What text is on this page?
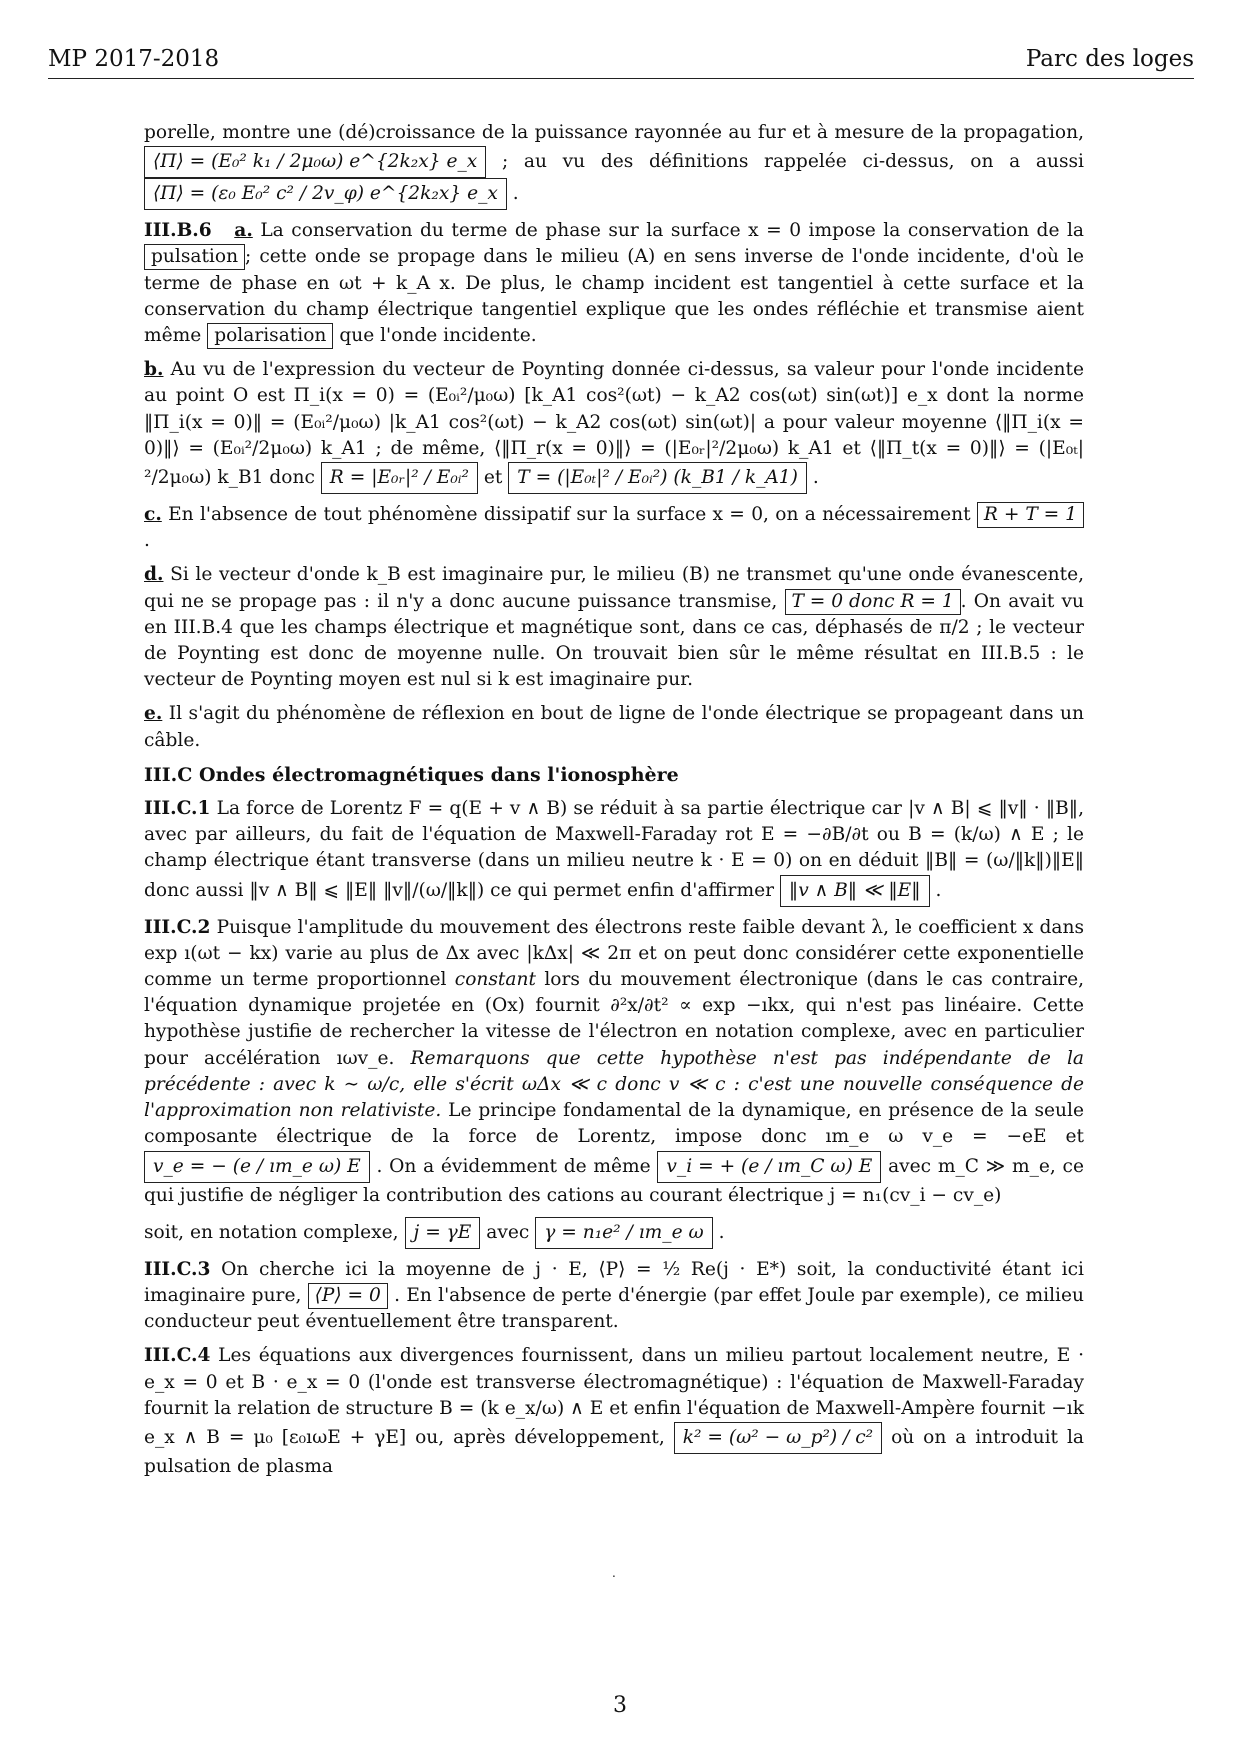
MP 2017-2018	Parc des loges

porelle, montre une (dé)croissance de la puissance rayonnée au fur et à mesure de la propagation, ⟨Π⟩ = (E₀² k₁ / 2μ₀ω) e^{2k₂x} e_x ; au vu des définitions rappelée ci-dessus, on a aussi ⟨Π⟩ = (ε₀ E₀² c² / 2v_φ) e^{2k₂x} e_x .

III.B.6 a. La conservation du terme de phase sur la surface x = 0 impose la conservation de la pulsation ; cette onde se propage dans le milieu (A) en sens inverse de l'onde incidente, d'où le terme de phase en ωt + k_A x. De plus, le champ incident est tangentiel à cette surface et la conservation du champ électrique tangentiel explique que les ondes réfléchie et transmise aient même polarisation que l'onde incidente.

b. Au vu de l'expression du vecteur de Poynting donnée ci-dessus, sa valeur pour l'onde incidente au point O est Π_i(x = 0) = (E₀ᵢ²/μ₀ω) [k_A1 cos²(ωt) − k_A2 cos(ωt) sin(ωt)] e_x dont la norme ‖Π_i(x = 0)‖ = (E₀ᵢ²/μ₀ω) |k_A1 cos²(ωt) − k_A2 cos(ωt) sin(ωt)| a pour valeur moyenne ⟨‖Π_i(x = 0)‖⟩ = (E₀ᵢ²/2μ₀ω) k_A1 ; de même, ⟨‖Π_r(x = 0)‖⟩ = (|E₀ᵣ|²/2μ₀ω) k_A1 et ⟨‖Π_t(x = 0)‖⟩ = (|E₀ₜ|²/2μ₀ω) k_B1 donc R = |E₀ᵣ|² / E₀ᵢ² et T = (|E₀ₜ|² / E₀ᵢ²) (k_B1 / k_A1) .

c. En l'absence de tout phénomène dissipatif sur la surface x = 0, on a nécessairement R + T = 1 .

d. Si le vecteur d'onde k_B est imaginaire pur, le milieu (B) ne transmet qu'une onde évanescente, qui ne se propage pas : il n'y a donc aucune puissance transmise, T = 0 donc R = 1 . On avait vu en III.B.4 que les champs électrique et magnétique sont, dans ce cas, déphasés de π/2 ; le vecteur de Poynting est donc de moyenne nulle. On trouvait bien sûr le même résultat en III.B.5 : le vecteur de Poynting moyen est nul si k est imaginaire pur.

e. Il s'agit du phénomène de réflexion en bout de ligne de l'onde électrique se propageant dans un câble.

III.C Ondes électromagnétiques dans l'ionosphère

III.C.1 La force de Lorentz F = q(E + v ∧ B) se réduit à sa partie électrique car |v ∧ B| ⩽ ‖v‖ · ‖B‖, avec par ailleurs, du fait de l'équation de Maxwell-Faraday rot E = −∂B/∂t ou B = (k/ω) ∧ E ; le champ électrique étant transverse (dans un milieu neutre k · E = 0) on en déduit ‖B‖ = (ω/‖k‖)‖E‖ donc aussi ‖v ∧ B‖ ⩽ ‖E‖ ‖v‖/(ω/‖k‖) ce qui permet enfin d'affirmer ‖v ∧ B‖ ≪ ‖E‖ .

III.C.2 Puisque l'amplitude du mouvement des électrons reste faible devant λ, le coefficient x dans exp ı(ωt − kx) varie au plus de Δx avec |kΔx| ≪ 2π et on peut donc considérer cette exponentielle comme un terme proportionnel constant lors du mouvement électronique (dans le cas contraire, l'équation dynamique projetée en (Ox) fournit ∂²x/∂t² ∝ exp −ıkx, qui n'est pas linéaire. Cette hypothèse justifie de rechercher la vitesse de l'électron en notation complexe, avec en particulier pour accélération ıωv_e. Remarquons que cette hypothèse n'est pas indépendante de la précédente : avec k ∼ ω/c, elle s'écrit ωΔx ≪ c donc v ≪ c : c'est une nouvelle conséquence de l'approximation non relativiste. Le principe fondamental de la dynamique, en présence de la seule composante électrique de la force de Lorentz, impose donc ım_e ω v_e = −eE et v_e = − (e / ım_e ω) E . On a évidemment de même v_i = + (e / ım_C ω) E avec m_C ≫ m_e, ce qui justifie de négliger la contribution des cations au courant électrique j = n₁(cv_i − cv_e)

soit, en notation complexe, j = γE avec γ = n₁e² / ım_e ω .

III.C.3 On cherche ici la moyenne de j · E, ⟨P⟩ = ½ Re(j · E*) soit, la conductivité étant ici imaginaire pure, ⟨P⟩ = 0 . En l'absence de perte d'énergie (par effet Joule par exemple), ce milieu conducteur peut éventuellement être transparent.

III.C.4 Les équations aux divergences fournissent, dans un milieu partout localement neutre, E · e_x = 0 et B · e_x = 0 (l'onde est transverse électromagnétique) : l'équation de Maxwell-Faraday fournit la relation de structure B = (k e_x/ω) ∧ E et enfin l'équation de Maxwell-Ampère fournit −ık e_x ∧ B = μ₀ [ε₀ıωE + γE] ou, après développement, k² = (ω² − ω_p²) / c² où on a introduit la pulsation de plasma

.
3
